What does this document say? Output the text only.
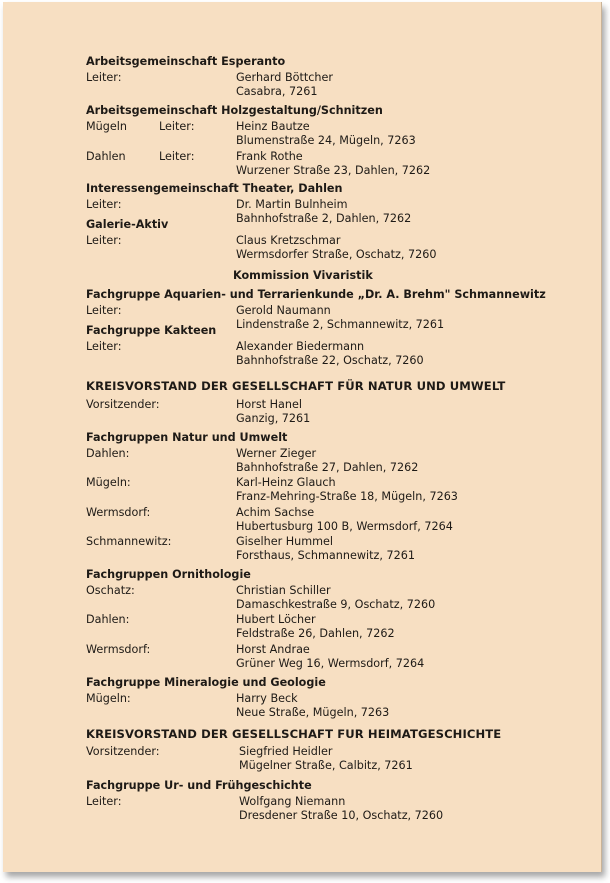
Arbeitsgemeinschaft Esperanto
Leiter:	Gerhard Böttcher
Casabra, 7261
Arbeitsgemeinschaft Holzgestaltung/Schnitzen
Mügeln	Leiter:	Heinz Bautze
Blumenstraße 24, Mügeln, 7263
Dahlen	Leiter:	Frank Rothe
Wurzener Straße 23, Dahlen, 7262
Interessengemeinschaft Theater, Dahlen
Leiter:	Dr. Martin Bulnheim
Bahnhofstraße 2, Dahlen, 7262
Galerie-Aktiv
Leiter:	Claus Kretzschmar
Wermsdorfer Straße, Oschatz, 7260
Kommission Vivaristik
Fachgruppe Aquarien- und Terrarienkunde „Dr. A. Brehm" Schmannewitz
Leiter:	Gerold Naumann
Lindenstraße 2, Schmannewitz, 7261
Fachgruppe Kakteen
Leiter:	Alexander Biedermann
Bahnhofstraße 22, Oschatz, 7260
KREISVORSTAND DER GESELLSCHAFT FÜR NATUR UND UMWELT
Vorsitzender:	Horst Hanel
Ganzig, 7261
Fachgruppen Natur und Umwelt
Dahlen:	Werner Zieger
Bahnhofstraße 27, Dahlen, 7262
Mügeln:	Karl-Heinz Glauch
Franz-Mehring-Straße 18, Mügeln, 7263
Wermsdorf:	Achim Sachse
Hubertusburg 100 B, Wermsdorf, 7264
Schmannewitz:	Giselher Hummel
Forsthaus, Schmannewitz, 7261
Fachgruppen Ornithologie
Oschatz:	Christian Schiller
Damaschkestraße 9, Oschatz, 7260
Dahlen:	Hubert Löcher
Feldstraße 26, Dahlen, 7262
Wermsdorf:	Horst Andrae
Grüner Weg 16, Wermsdorf, 7264
Fachgruppe Mineralogie und Geologie
Mügeln:	Harry Beck
Neue Straße, Mügeln, 7263
KREISVORSTAND DER GESELLSCHAFT FUR HEIMATGESCHICHTE
Vorsitzender:	Siegfried Heidler
Mügelner Straße, Calbitz, 7261
Fachgruppe Ur- und Frühgeschichte
Leiter:	Wolfgang Niemann
Dresdener Straße 10, Oschatz, 7260
